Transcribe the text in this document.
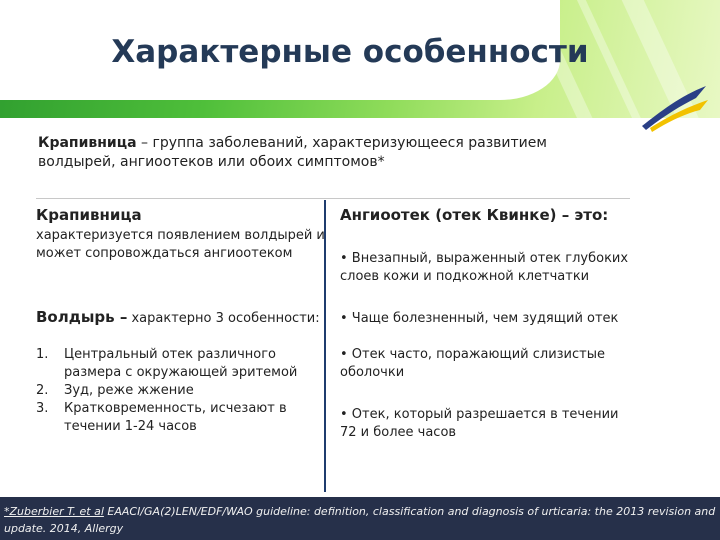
Характерные особенности
Крапивница – группа заболеваний, характеризующееся развитием волдырей, ангиоотеков или обоих симптомов*
Крапивница
характеризуется появлением волдырей и может сопровождаться ангиоотеком
Волдырь – характерно 3 особенности:
1. Центральный отек различного размера с окружающей эритемой
2. Зуд, реже жжение
3. Кратковременность, исчезают в течении 1-24 часов
Ангиоотек (отек Квинке) – это:
• Внезапный, выраженный отек глубоких слоев кожи и подкожной клетчатки
• Чаще болезненный, чем зудящий отек
• Отек часто, поражающий слизистые оболочки
• Отек, который разрешается в течении 72 и более часов
*Zuberbier T. et al EAACI/GA(2)LEN/EDF/WAO guideline: definition, classification and diagnosis of urticaria: the 2013 revision and update. 2014, Allergy
